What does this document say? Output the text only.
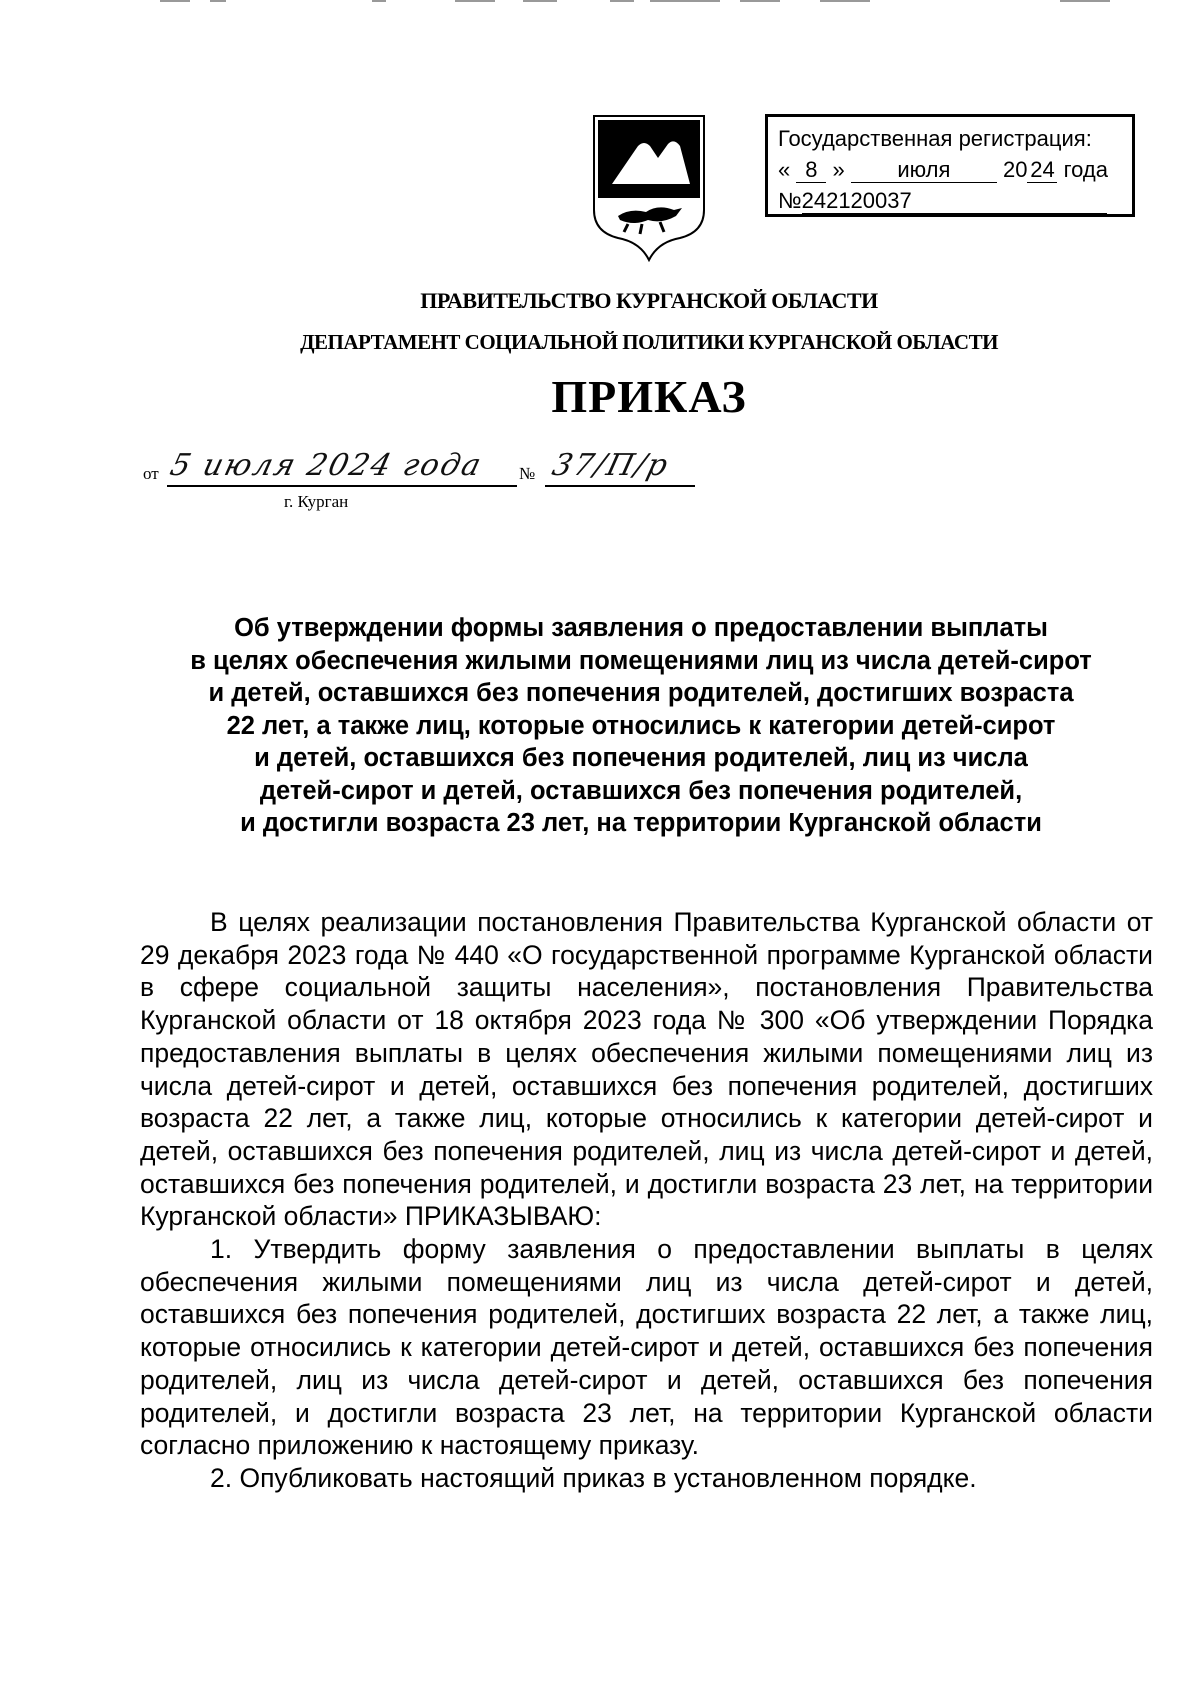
Государственная регистрация:
« 8 » июля 20 24 года
№242120037
ПРАВИТЕЛЬСТВО КУРГАНСКОЙ ОБЛАСТИ
ДЕПАРТАМЕНТ СОЦИАЛЬНОЙ ПОЛИТИКИ КУРГАНСКОЙ ОБЛАСТИ
ПРИКАЗ
от 5 июля 2024 года № 37/П/р
г. Курган
Об утверждении формы заявления о предоставлении выплаты
в целях обеспечения жилыми помещениями лиц из числа детей-сирот
и детей, оставшихся без попечения родителей, достигших возраста
22 лет, а также лиц, которые относились к категории детей-сирот
и детей, оставшихся без попечения родителей, лиц из числа
детей-сирот и детей, оставшихся без попечения родителей,
и достигли возраста 23 лет, на территории Курганской области

В целях реализации постановления Правительства Курганской области от 29 декабря 2023 года № 440 «О государственной программе Курганской области в сфере социальной защиты населения», постановления Правительства Курганской области от 18 октября 2023 года № 300 «Об утверждении Порядка предоставления выплаты в целях обеспечения жилыми помещениями лиц из числа детей-сирот и детей, оставшихся без попечения родителей, достигших возраста 22 лет, а также лиц, которые относились к категории детей-сирот и детей, оставшихся без попечения родителей, лиц из числа детей-сирот и детей, оставшихся без попечения родителей, и достигли возраста 23 лет, на территории Курганской области» ПРИКАЗЫВАЮ:

1. Утвердить форму заявления о предоставлении выплаты в целях обеспечения жилыми помещениями лиц из числа детей-сирот и детей, оставшихся без попечения родителей, достигших возраста 22 лет, а также лиц, которые относились к категории детей-сирот и детей, оставшихся без попечения родителей, лиц из числа детей-сирот и детей, оставшихся без попечения родителей, и достигли возраста 23 лет, на территории Курганской области согласно приложению к настоящему приказу.

2. Опубликовать настоящий приказ в установленном порядке.
